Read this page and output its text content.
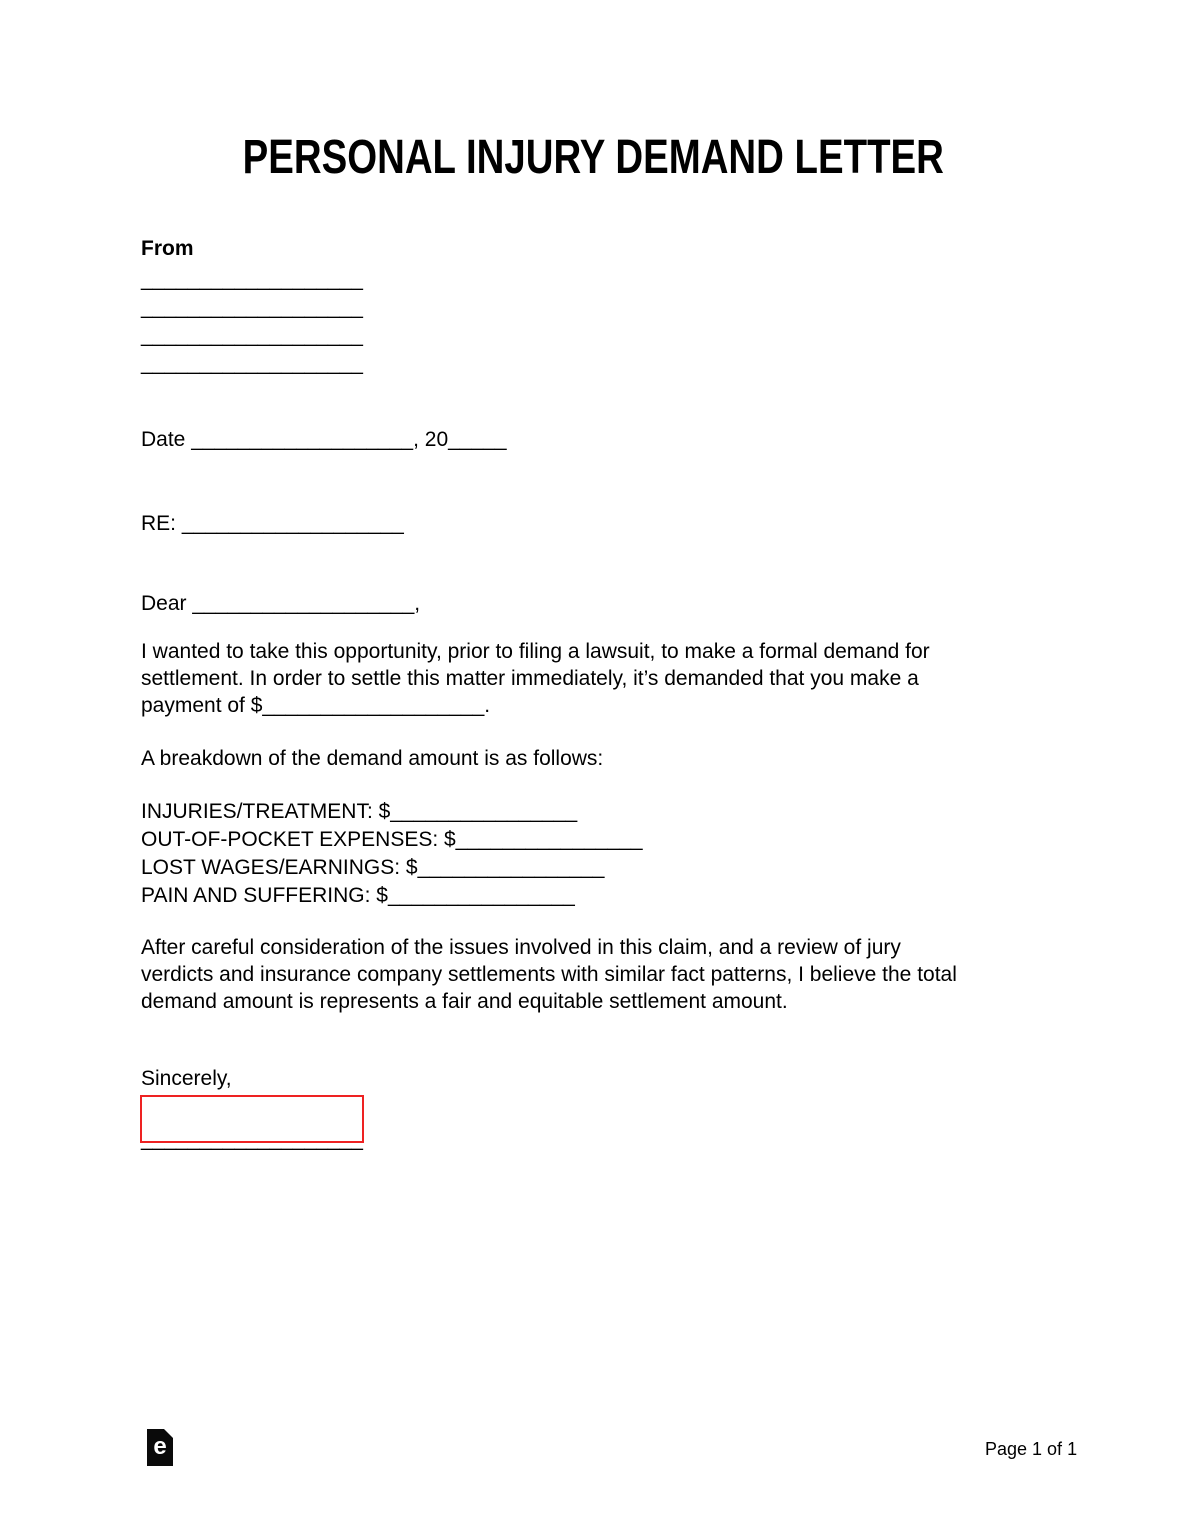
PERSONAL INJURY DEMAND LETTER
From
___________________
___________________
___________________
___________________
Date ___________________, 20_____
RE: ___________________
Dear ___________________,
I wanted to take this opportunity, prior to filing a lawsuit, to make a formal demand for
settlement. In order to settle this matter immediately, it’s demanded that you make a
payment of $___________________.
A breakdown of the demand amount is as follows:
INJURIES/TREATMENT: $________________
OUT-OF-POCKET EXPENSES: $________________
LOST WAGES/EARNINGS: $________________
PAIN AND SUFFERING: $________________
After careful consideration of the issues involved in this claim, and a review of jury
verdicts and insurance company settlements with similar fact patterns, I believe the total
demand amount is represents a fair and equitable settlement amount.
Sincerely,
___________________
e	Page 1 of 1
